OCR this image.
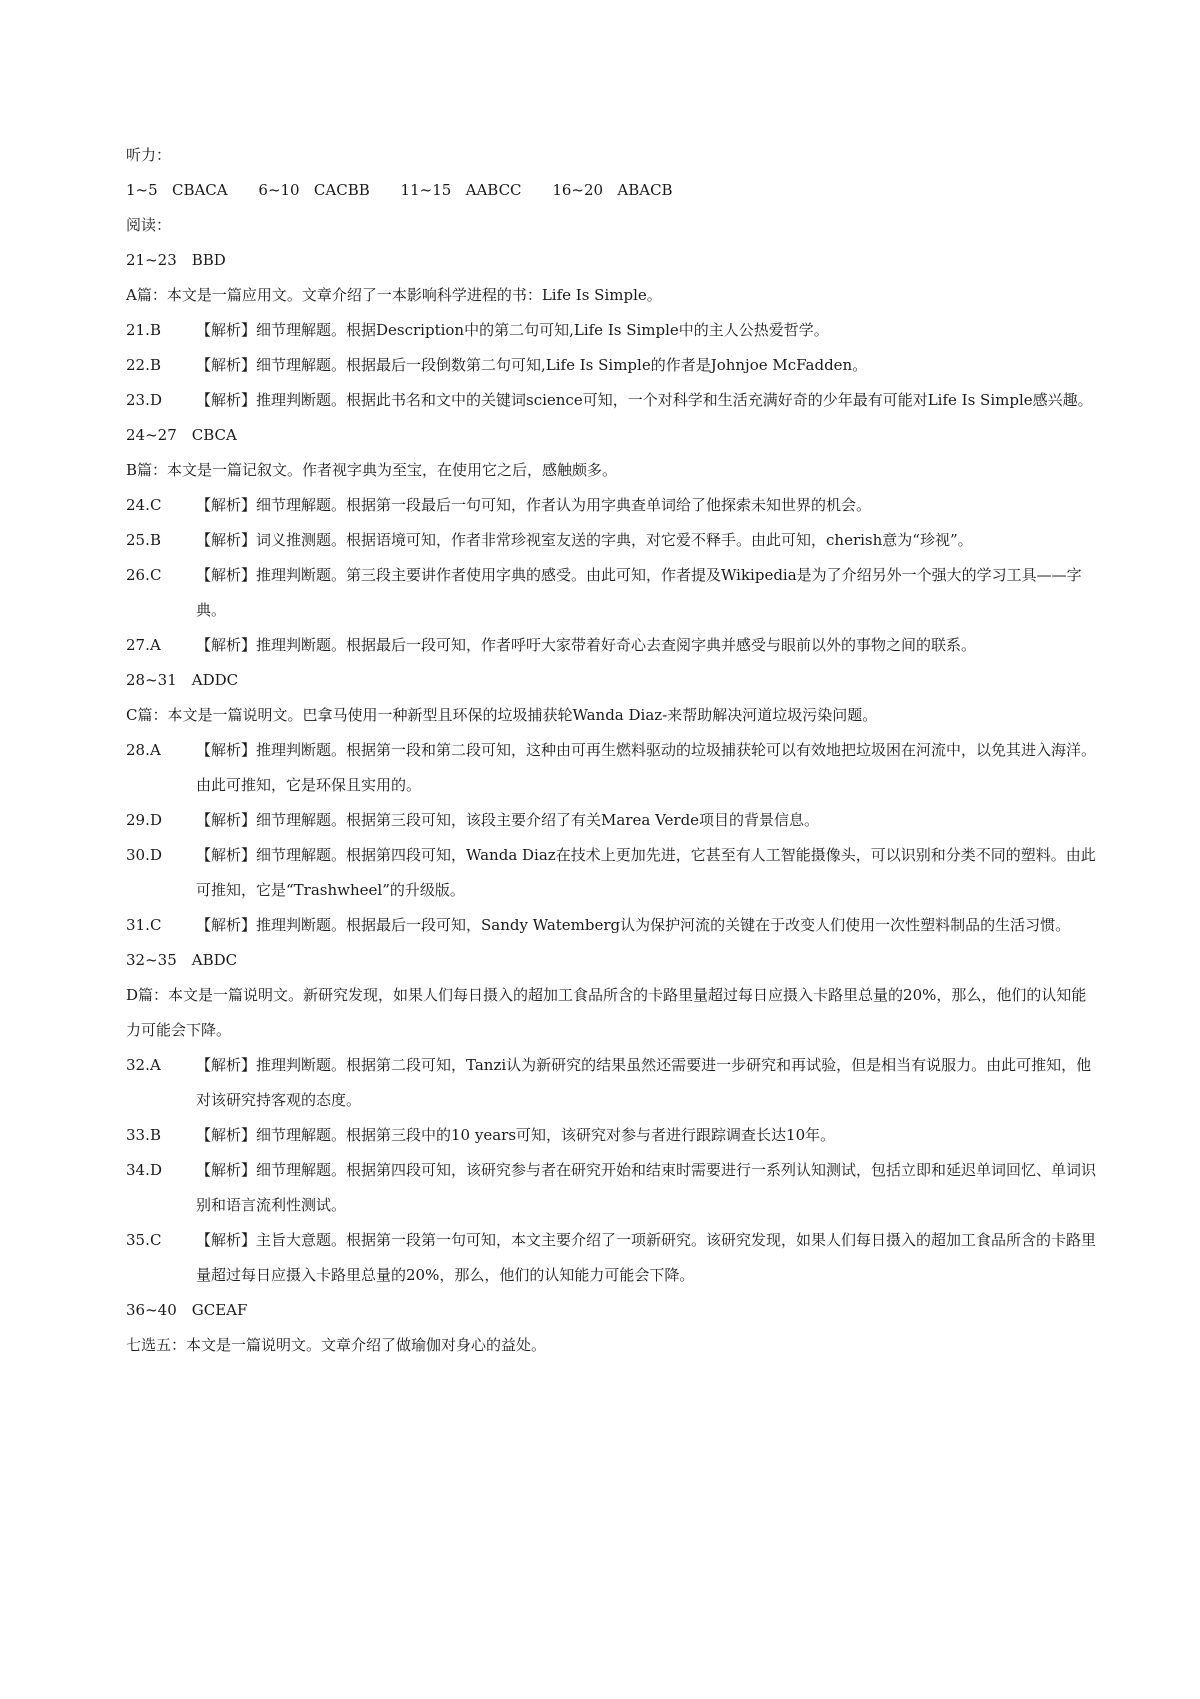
听力：
1~5 CBACA 6~10 CACBB 11~15 AABCC 16~20 ABACB
阅读：
21~23　BBD
A篇：本文是一篇应用文。文章介绍了一本影响科学进程的书：Life Is Simple。
21. B	【解析】细节理解题。根据Description中的第二句可知,Life Is Simple中的主人公热爱哲学。
22. B	【解析】细节理解题。根据最后一段倒数第二句可知,Life Is Simple的作者是Johnjoe McFadden。
23. D	【解析】推理判断题。根据此书名和文中的关键词science可知，一个对科学和生活充满好奇的少年最有可能对Life Is Simple感兴趣。
24~27　CBCA
B篇：本文是一篇记叙文。作者视字典为至宝，在使用它之后，感触颇多。
24. C	【解析】细节理解题。根据第一段最后一句可知，作者认为用字典查单词给了他探索未知世界的机会。
25. B	【解析】词义推测题。根据语境可知，作者非常珍视室友送的字典，对它爱不释手。由此可知，cherish意为“珍视”。
26. C	【解析】推理判断题。第三段主要讲作者使用字典的感受。由此可知，作者提及Wikipedia是为了介绍另外一个强大的学习工具——字典。
27. A	【解析】推理判断题。根据最后一段可知，作者呼吁大家带着好奇心去查阅字典并感受与眼前以外的事物之间的联系。
28~31　ADDC
C篇：本文是一篇说明文。巴拿马使用一种新型且环保的垃圾捕获轮Wanda Diaz-来帮助解决河道垃圾污染问题。
28. A	【解析】推理判断题。根据第一段和第二段可知，这种由可再生燃料驱动的垃圾捕获轮可以有效地把垃圾困在河流中，以免其进入海洋。由此可推知，它是环保且实用的。
29. D	【解析】细节理解题。根据第三段可知，该段主要介绍了有关Marea Verde项目的背景信息。
30. D	【解析】细节理解题。根据第四段可知，Wanda Diaz在技术上更加先进，它甚至有人工智能摄像头，可以识别和分类不同的塑料。由此可推知，它是“Trashwheel”的升级版。
31. C	【解析】推理判断题。根据最后一段可知，Sandy Watemberg认为保护河流的关键在于改变人们使用一次性塑料制品的生活习惯。
32~35　ABDC
D篇：本文是一篇说明文。新研究发现，如果人们每日摄入的超加工食品所含的卡路里量超过每日应摄入卡路里总量的20%，那么，他们的认知能力可能会下降。
32. A	【解析】推理判断题。根据第二段可知，Tanzi认为新研究的结果虽然还需要进一步研究和再试验，但是相当有说服力。由此可推知，他对该研究持客观的态度。
33. B	【解析】细节理解题。根据第三段中的10 years可知，该研究对参与者进行跟踪调查长达10年。
34. D	【解析】细节理解题。根据第四段可知，该研究参与者在研究开始和结束时需要进行一系列认知测试，包括立即和延迟单词回忆、单词识别和语言流利性测试。
35. C	【解析】主旨大意题。根据第一段第一句可知，本文主要介绍了一项新研究。该研究发现，如果人们每日摄入的超加工食品所含的卡路里量超过每日应摄入卡路里总量的20%，那么，他们的认知能力可能会下降。
36~40　GCEAF
七选五：本文是一篇说明文。文章介绍了做瑜伽对身心的益处。
